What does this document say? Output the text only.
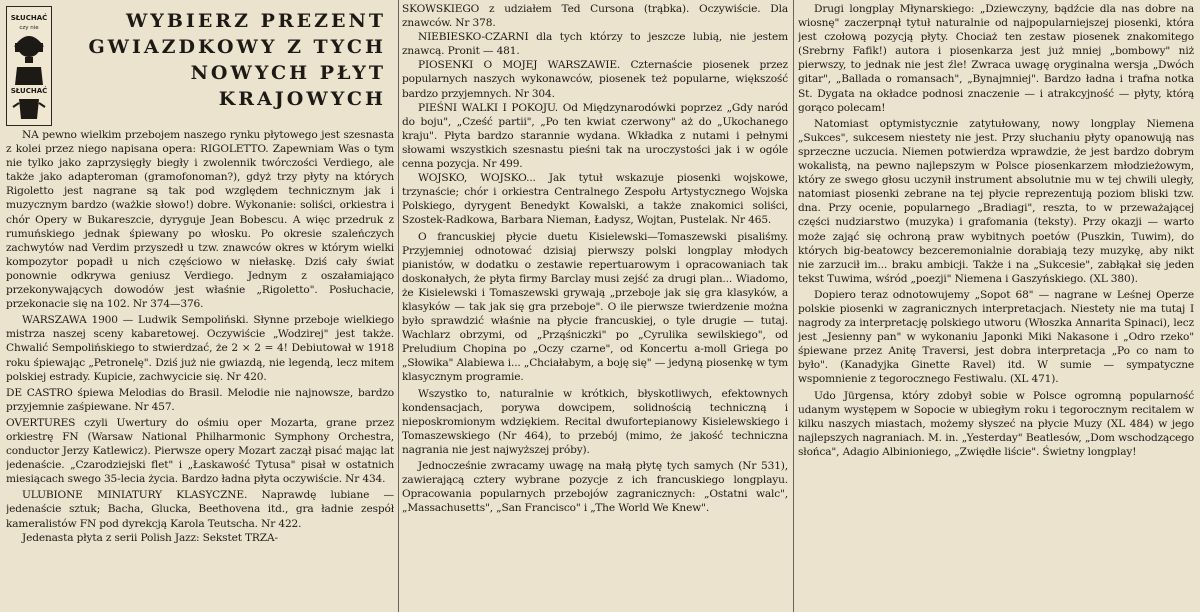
SŁUCHAĆ
czy nie
SŁUCHAĆ
WYBIERZ PREZENT
GWIAZDKOWY Z TYCH
NOWYCH PŁYT
KRAJOWYCH

NA pewno wielkim przebojem naszego rynku płytowego jest szesnasta z kolei przez niego napisana opera: RIGOLETTO. Zapewniam Was o tym nie tylko jako zaprzysięgły biegły i zwolennik twórczości Verdiego, ale także jako adapteroman (gramofonoman?), gdyż trzy płyty na których Rigoletto jest nagrane są tak pod względem technicznym jak i muzycznym bardzo (ważkie słowo!) dobre. Wykonanie: soliści, orkiestra i chór Opery w Bukareszcie, dyryguje Jean Bobescu. A więc przedruk z rumuńskiego jednak śpiewany po włosku. Po okresie szaleńczych zachwytów nad Verdim przyszedł u tzw. znawców okres w którym wielki kompozytor popadł u nich częściowo w niełaskę. Dziś cały świat ponownie odkrywa geniusz Verdiego. Jednym z oszałamiająco przekonywających dowodów jest właśnie „Rigoletto". Posłuchacie, przekonacie się na 102. Nr 374—376.

WARSZAWA 1900 — Ludwik Sempoliński. Słynne przeboje wielkiego mistrza naszej sceny kabaretowej. Oczywiście „Wodzirej" jest także. Chwalić Sempolińskiego to stwierdzać, że 2 × 2 = 4! Debiutował w 1918 roku śpiewając „Petronelę". Dziś już nie gwiazdą, nie legendą, lecz mitem polskiej estrady. Kupicie, zachwycicie się. Nr 420.

DE CASTRO śpiewa Melodias do Brasil. Melodie nie najnowsze, bardzo przyjemnie zaśpiewane. Nr 457.

OVERTURES czyli Uwertury do ośmiu oper Mozarta, grane przez orkiestrę FN (Warsaw National Philharmonic Symphony Orchestra, conductor Jerzy Katlewicz). Pierwsze opery Mozart zaczął pisać mając lat jedenaście. „Czarodziejski flet" i „Łaskawość Tytusa" pisał w ostatnich miesiącach swego 35-lecia życia. Bardzo ładna płyta oczywiście. Nr 434.

ULUBIONE MINIATURY KLASYCZNE. Naprawdę lubiane — jedenaście sztuk; Bacha, Glucka, Beethovena itd., gra ładnie zespół kameralistów FN pod dyrekcją Karola Teutscha. Nr 422.

Jedenasta płyta z serii Polish Jazz: Sekstet TRZA-

SKOWSKIEGO z udziałem Ted Cursona (trąbka). Oczywiście. Dla znawców. Nr 378.

NIEBIESKO-CZARNI dla tych którzy to jeszcze lubią, nie jestem znawcą. Pronit — 481.

PIOSENKI O MOJEJ WARSZAWIE. Czternaście piosenek przez popularnych naszych wykonawców, piosenek też popularne, większość bardzo przyjemnych. Nr 304.

PIEŚNI WALKI I POKOJU. Od Międzynarodówki poprzez „Gdy naród do boju", „Cześć partii", „Po ten kwiat czerwony" aż do „Ukochanego kraju". Płyta bardzo starannie wydana. Wkładka z nutami i pełnymi słowami wszystkich szesnastu pieśni tak na uroczystości jak i w ogóle cenna pozycja. Nr 499.

WOJSKO, WOJSKO... Jak tytuł wskazuje piosenki wojskowe, trzynaście; chór i orkiestra Centralnego Zespołu Artystycznego Wojska Polskiego, dyrygent Benedykt Kowalski, a także znakomici soliści, Szostek-Radkowa, Barbara Nieman, Ładysz, Wojtan, Pustelak. Nr 465.

O francuskiej płycie duetu Kisielewski—Tomaszewski pisaliśmy. Przyjemniej odnotować dzisiaj pierwszy polski longplay młodych pianistów, w dodatku o zestawie repertuarowym i opracowaniach tak doskonałych, że płyta firmy Barclay musi zejść za drugi plan... Wiadomo, że Kisielewski i Tomaszewski grywają „przeboje jak się gra klasyków, a klasyków — tak jak się gra przeboje". O ile pierwsze twierdzenie można było sprawdzić właśnie na płycie francuskiej, o tyle drugie — tutaj. Wachlarz obrzymi, od „Prząśniczki" po „Cyrulika sewilskiego", od Preludium Chopina po „Oczy czarne", od Koncertu a-moll Griega po „Słowika" Alabiewa i... „Chciałabym, a boję się" — jedyną piosenkę w tym klasycznym programie.

Wszystko to, naturalnie w krótkich, błyskotliwych, efektownych kondensacjach, porywa dowcipem, solidnością techniczną i nieposkromionym wdziękiem. Recital dwufortepianowy Kisielewskiego i Tomaszewskiego (Nr 464), to przebój (mimo, że jakość techniczna nagrania nie jest najwyższej próby).

Jednocześnie zwracamy uwagę na małą płytę tych samych (Nr 531), zawierającą cztery wybrane pozycje z ich francuskiego longplayu. Opracowania popularnych przebojów zagranicznych: „Ostatni walc", „Massachusetts", „San Francisco" i „The World We Knew".

Drugi longplay Młynarskiego: „Dziewczyny, bądźcie dla nas dobre na wiosnę" zaczerpnął tytuł naturalnie od najpopularniejszej piosenki, która jest czołową pozycją płyty. Chociaż ten zestaw piosenek znakomitego (Srebrny Fafik!) autora i piosenkarza jest już mniej „bombowy" niż pierwszy, to jednak nie jest źle! Zwraca uwagę oryginalna wersja „Dwóch gitar", „Ballada o romansach", „Bynajmniej". Bardzo ładna i trafna notka St. Dygata na okładce podnosi znaczenie — i atrakcyjność — płyty, którą gorąco polecam!

Natomiast optymistycznie zatytułowany, nowy longplay Niemena „Sukces", sukcesem niestety nie jest. Przy słuchaniu płyty opanowują nas sprzeczne uczucia. Niemen potwierdza wprawdzie, że jest bardzo dobrym wokalistą, na pewno najlepszym w Polsce piosenkarzem młodzieżowym, który ze swego głosu uczynił instrument absolutnie mu w tej chwili uległy, natomiast piosenki zebrane na tej płycie reprezentują poziom bliski tzw. dna. Przy ocenie, popularnego „Bradiagi", reszta, to w przeważającej części nudziarstwo (muzyka) i grafomania (teksty). Przy okazji — warto może zająć się ochroną praw wybitnych poetów (Puszkin, Tuwim), do których big-beatowcy bezceremonialnie dorabiają tezy muzykę, aby nikt nie zarzucił im... braku ambicji. Także i na „Sukcesie", zabłąkał się jeden tekst Tuwima, wśród „poezji" Niemena i Gaszyńskiego. (XL 380).

Dopiero teraz odnotowujemy „Sopot 68" — nagrane w Leśnej Operze polskie piosenki w zagranicznych interpretacjach. Niestety nie ma tutaj I nagrody za interpretację polskiego utworu (Włoszka Annarita Spinaci), lecz jest „Jesienny pan" w wykonaniu Japonki Miki Nakasone i „Odro rzeko" śpiewane przez Anitę Traversi, jest dobra interpretacja „Po co nam to było". (Kanadyjka Ginette Ravel) itd. W sumie — sympatyczne wspomnienie z tegorocznego Festiwalu. (XL 471).

Udo Jürgensa, który zdobył sobie w Polsce ogromną popularność udanym występem w Sopocie w ubiegłym roku i tegorocznym recitalem w kilku naszych miastach, możemy słyszeć na płycie Muzy (XL 484) w jego najlepszych nagraniach. M. in. „Yesterday" Beatlesów, „Dom wschodzącego słońca", Adagio Albinioniego, „Zwiędłe liście". Świetny longplay!
